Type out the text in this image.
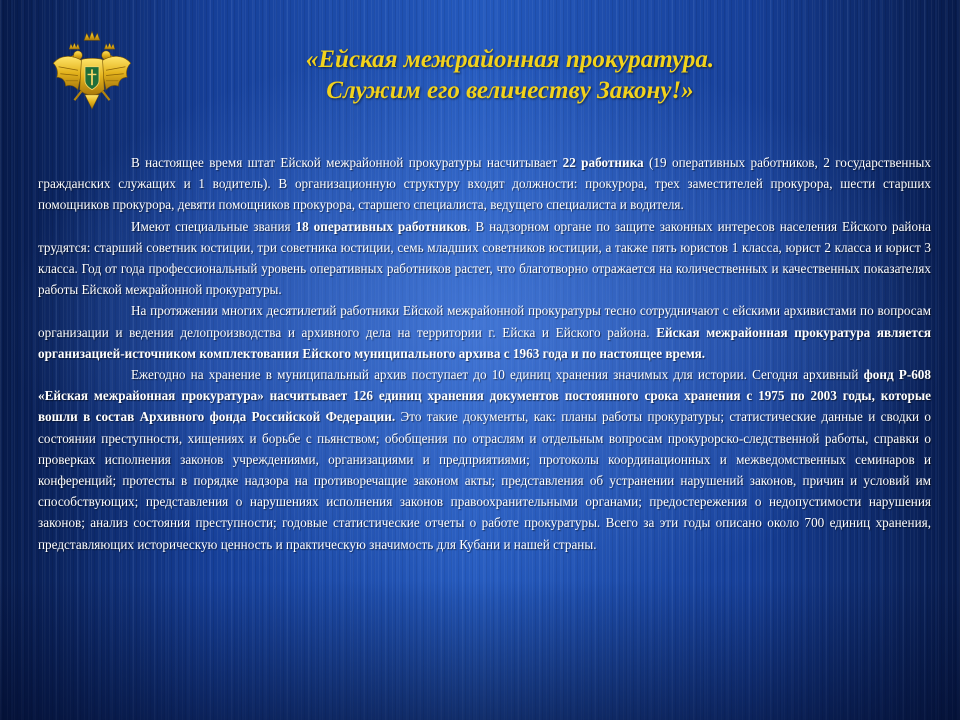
«Ейская межрайонная прокуратура.
Служим его величеству Закону!»

В настоящее время штат Ейской межрайонной прокуратуры насчитывает 22 работника (19 оперативных работников, 2 государственных гражданских служащих и 1 водитель). В организационную структуру входят должности: прокурора, трех заместителей прокурора, шести старших помощников прокурора, девяти помощников прокурора, старшего специалиста, ведущего специалиста и водителя.

Имеют специальные звания 18 оперативных работников. В надзорном органе по защите законных интересов населения Ейского района трудятся: старший советник юстиции, три советника юстиции, семь младших советников юстиции, а также пять юристов 1 класса, юрист 2 класса и юрист 3 класса. Год от года профессиональный уровень оперативных работников растет, что благотворно отражается на количественных и качественных показателях работы Ейской межрайонной прокуратуры.

На протяжении многих десятилетий работники Ейской межрайонной прокуратуры тесно сотрудничают с ейскими архивистами по вопросам организации и ведения делопроизводства и архивного дела на территории г. Ейска и Ейского района. Ейская межрайонная прокуратура является организацией-источником комплектования Ейского муниципального архива с 1963 года и по настоящее время.

Ежегодно на хранение в муниципальный архив поступает до 10 единиц хранения значимых для истории. Сегодня архивный фонд Р-608 «Ейская межрайонная прокуратура» насчитывает 126 единиц хранения документов постоянного срока хранения с 1975 по 2003 годы, которые вошли в состав Архивного фонда Российской Федерации. Это такие документы, как: планы работы прокуратуры; статистические данные и сводки о состоянии преступности, хищениях и борьбе с пьянством; обобщения по отраслям и отдельным вопросам прокурорско-следственной работы, справки о проверках исполнения законов учреждениями, организациями и предприятиями; протоколы координационных и межведомственных семинаров и конференций; протесты в порядке надзора на противоречащие законом акты; представления об устранении нарушений законов, причин и условий им способствующих; представления о нарушениях исполнения законов правоохранительными органами; предостережения о недопустимости нарушения законов; анализ состояния преступности; годовые статистические отчеты о работе прокуратуры. Всего за эти годы описано около 700 единиц хранения, представляющих историческую ценность и практическую значимость для Кубани и нашей страны.
